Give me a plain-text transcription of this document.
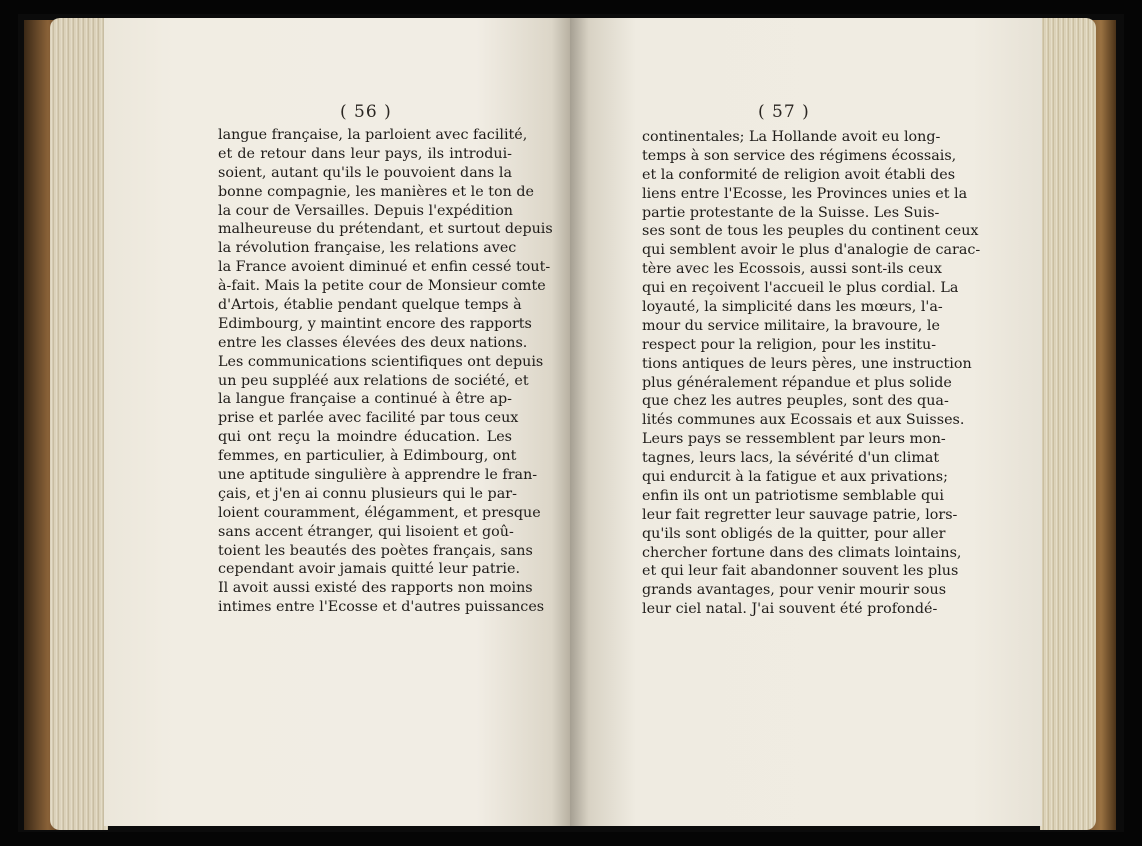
( 56 )
langue française, la parloient avec facilité,
et de retour dans leur pays, ils introdui-
soient, autant qu'ils le pouvoient dans la
bonne compagnie, les manières et le ton de
la cour de Versailles. Depuis l'expédition
malheureuse du prétendant, et surtout depuis
la révolution française, les relations avec
la France avoient diminué et enfin cessé tout-
à-fait. Mais la petite cour de Monsieur comte
d'Artois, établie pendant quelque temps à
Edimbourg, y maintint encore des rapports
entre les classes élevées des deux nations.
Les communications scientifiques ont depuis
un peu suppléé aux relations de société, et
la langue française a continué à être ap-
prise et parlée avec facilité par tous ceux
qui ont reçu la moindre éducation. Les
femmes, en particulier, à Edimbourg, ont
une aptitude singulière à apprendre le fran-
çais, et j'en ai connu plusieurs qui le par-
loient couramment, élégamment, et presque
sans accent étranger, qui lisoient et goû-
toient les beautés des poètes français, sans
cependant avoir jamais quitté leur patrie.
Il avoit aussi existé des rapports non moins
intimes entre l'Ecosse et d'autres puissances
( 57 )
continentales; La Hollande avoit eu long-
temps à son service des régimens écossais,
et la conformité de religion avoit établi des
liens entre l'Ecosse, les Provinces unies et la
partie protestante de la Suisse. Les Suis-
ses sont de tous les peuples du continent ceux
qui semblent avoir le plus d'analogie de carac-
tère avec les Ecossois, aussi sont-ils ceux
qui en reçoivent l'accueil le plus cordial. La
loyauté, la simplicité dans les mœurs, l'a-
mour du service militaire, la bravoure, le
respect pour la religion, pour les institu-
tions antiques de leurs pères, une instruction
plus généralement répandue et plus solide
que chez les autres peuples, sont des qua-
lités communes aux Ecossais et aux Suisses.
Leurs pays se ressemblent par leurs mon-
tagnes, leurs lacs, la sévérité d'un climat
qui endurcit à la fatigue et aux privations;
enfin ils ont un patriotisme semblable qui
leur fait regretter leur sauvage patrie, lors-
qu'ils sont obligés de la quitter, pour aller
chercher fortune dans des climats lointains,
et qui leur fait abandonner souvent les plus
grands avantages, pour venir mourir sous
leur ciel natal. J'ai souvent été profondé-
